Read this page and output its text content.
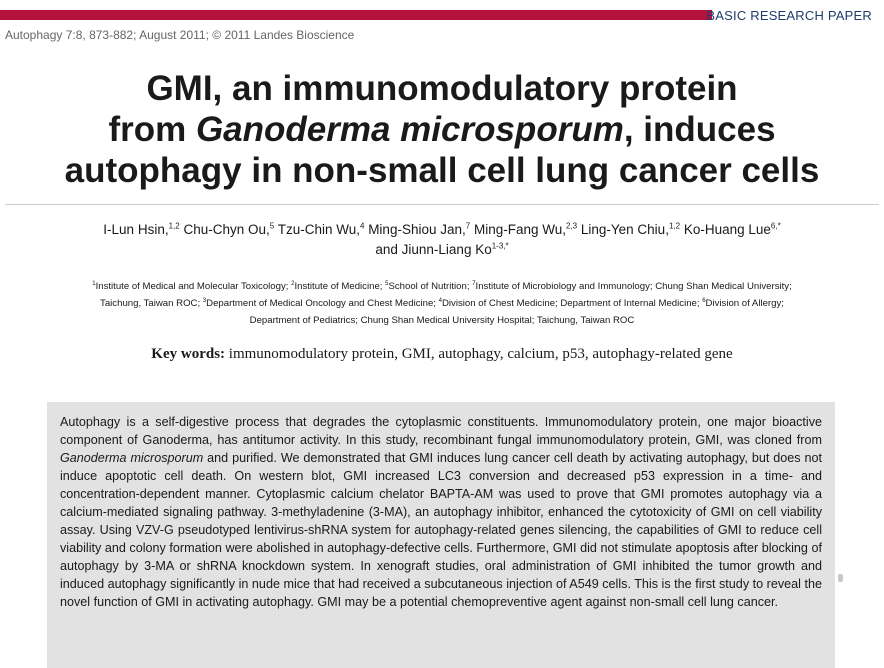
BASIC RESEARCH PAPER
Autophagy 7:8, 873-882; August 2011; © 2011 Landes Bioscience
GMI, an immunomodulatory protein
from Ganoderma microsporum, induces
autophagy in non-small cell lung cancer cells
I-Lun Hsin,$^{1,2}$ Chu-Chyn Ou,$^5$ Tzu-Chin Wu,$^4$ Ming-Shiou Jan,$^7$ Ming-Fang Wu,$^{2,3}$ Ling-Yen Chiu,$^{1,2}$ Ko-Huang Lue$^{6,*}$
and Jiunn-Liang $Ko^{1-3,*}$
$^1$Institute of Medical and Molecular Toxicology; $^2$Institute of Medicine; $^5$School of Nutrition; $^7$Institute of Microbiology and Immunology; Chung Shan Medical University;
Taichung, Taiwan ROC; $^3$Department of Medical Oncology and Chest Medicine; $^4$Division of Chest Medicine; Department of Internal Medicine; $^6$Division of Allergy;
Department of Pediatrics; Chung Shan Medical University Hospital; Taichung, Taiwan ROC
Key words: immunomodulatory protein, GMI, autophagy, calcium, p53, autophagy-related gene

Autophagy is a self-digestive process that degrades the cytoplasmic constituents. Immunomodulatory protein, one major bioactive component of Ganoderma, has antitumor activity. In this study, recombinant fungal immunomodulatory protein, GMI, was cloned from Ganoderma microsporum and purified. We demonstrated that GMI induces lung cancer cell death by activating autophagy, but does not induce apoptotic cell death. On western blot, GMI increased LC3 conversion and decreased p53 expression in a time- and concentration-dependent manner. Cytoplasmic calcium chelator BAPTA-AM was used to prove that GMI promotes autophagy via a calcium-mediated signaling pathway. 3-methyladenine (3-MA), an autophagy inhibitor, enhanced the cytotoxicity of GMI on cell viability assay. Using VZV-G pseudotyped lentivirus-shRNA system for autophagy-related genes silencing, the capabilities of GMI to reduce cell viability and colony formation were abolished in autophagy-defective cells. Furthermore, GMI did not stimulate apoptosis after blocking of autophagy by 3-MA or shRNA knockdown system. In xenograft studies, oral administration of GMI inhibited the tumor growth and induced autophagy significantly in nude mice that had received a subcutaneous injection of A549 cells. This is the first study to reveal the novel function of GMI in activating autophagy. GMI may be a potential chemopreventive agent against non-small cell lung cancer.
